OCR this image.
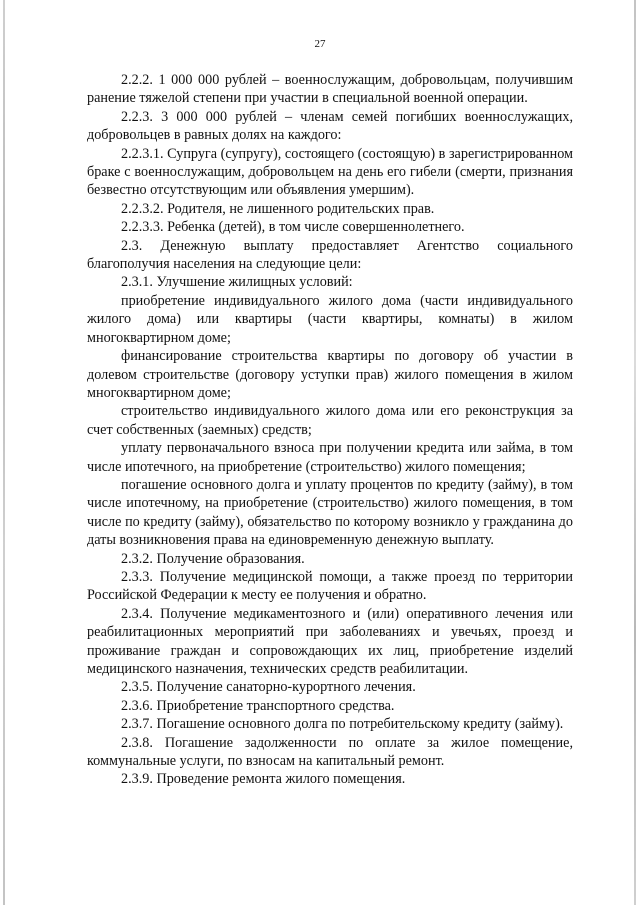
27

2.2.2. 1 000 000 рублей – военнослужащим, добровольцам, получившим ранение тяжелой степени при участии в специальной военной операции.

2.2.3. 3 000 000 рублей – членам семей погибших военнослужащих, добровольцев в равных долях на каждого:

2.2.3.1. Супруга (супругу), состоящего (состоящую) в зарегистрированном браке с военнослужащим, добровольцем на день его гибели (смерти, признания безвестно отсутствующим или объявления умершим).

2.2.3.2. Родителя, не лишенного родительских прав.

2.2.3.3. Ребенка (детей), в том числе совершеннолетнего.

2.3. Денежную выплату предоставляет Агентство социального благополучия населения на следующие цели:

2.3.1. Улучшение жилищных условий:

приобретение индивидуального жилого дома (части индивидуального жилого дома) или квартиры (части квартиры, комнаты) в жилом многоквартирном доме;

финансирование строительства квартиры по договору об участии в долевом строительстве (договору уступки прав) жилого помещения в жилом многоквартирном доме;

строительство индивидуального жилого дома или его реконструкция за счет собственных (заемных) средств;

уплату первоначального взноса при получении кредита или займа, в том числе ипотечного, на приобретение (строительство) жилого помещения;

погашение основного долга и уплату процентов по кредиту (займу), в том числе ипотечному, на приобретение (строительство) жилого помещения, в том числе по кредиту (займу), обязательство по которому возникло у гражданина до даты возникновения права на единовременную денежную выплату.

2.3.2. Получение образования.

2.3.3. Получение медицинской помощи, а также проезд по территории Российской Федерации к месту ее получения и обратно.

2.3.4. Получение медикаментозного и (или) оперативного лечения или реабилитационных мероприятий при заболеваниях и увечьях, проезд и проживание граждан и сопровождающих их лиц, приобретение изделий медицинского назначения, технических средств реабилитации.

2.3.5. Получение санаторно-курортного лечения.

2.3.6. Приобретение транспортного средства.

2.3.7. Погашение основного долга по потребительскому кредиту (займу).

2.3.8. Погашение задолженности по оплате за жилое помещение, коммунальные услуги, по взносам на капитальный ремонт.

2.3.9. Проведение ремонта жилого помещения.
